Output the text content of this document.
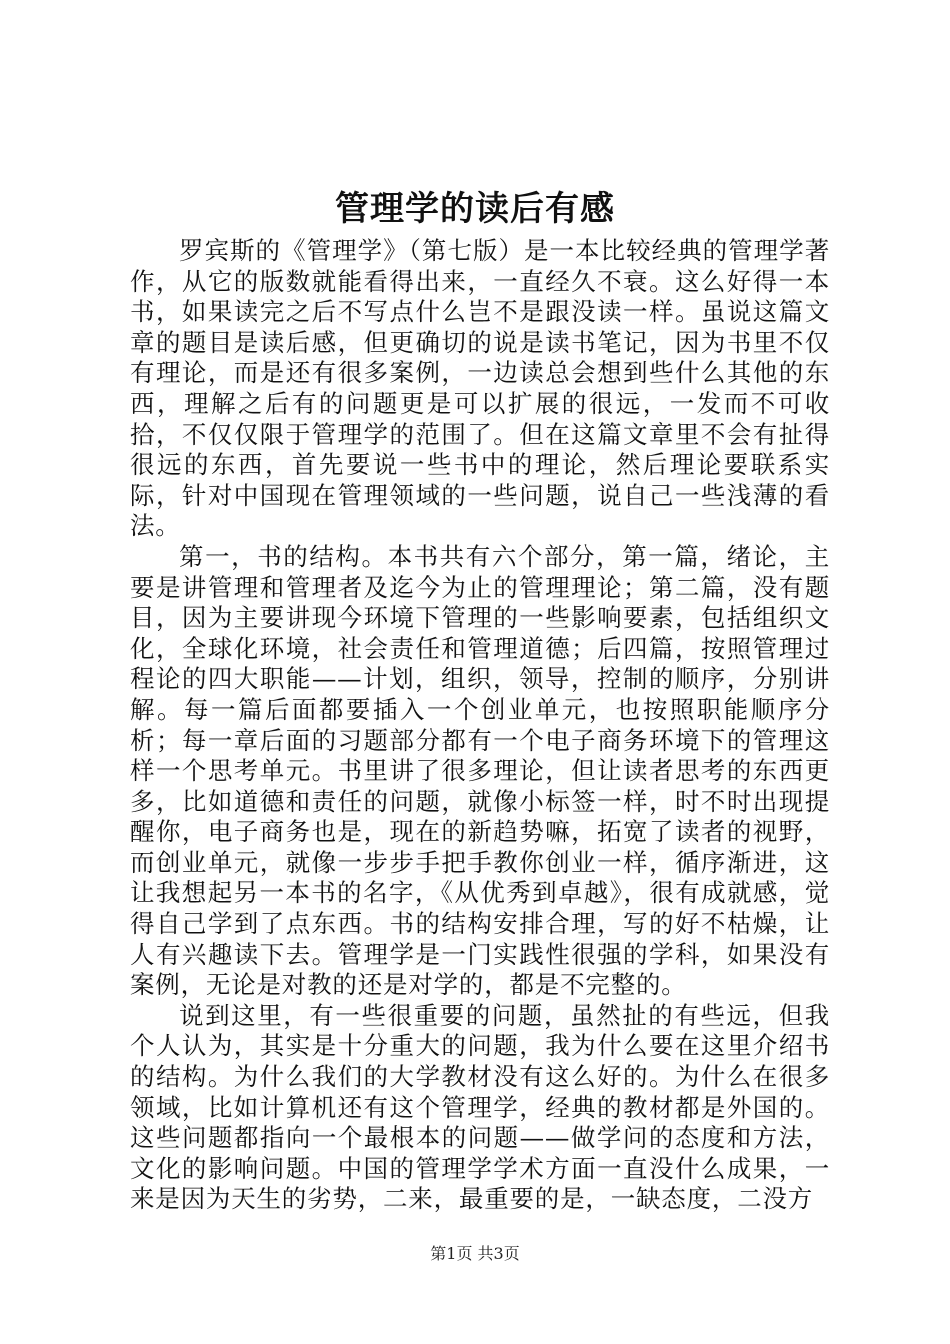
管理学的读后有感

罗宾斯的《管理学》（第七版）是一本比较经典的管理学著作，从它的版数就能看得出来，一直经久不衰。这么好得一本书，如果读完之后不写点什么岂不是跟没读一样。虽说这篇文章的题目是读后感，但更确切的说是读书笔记，因为书里不仅有理论，而是还有很多案例，一边读总会想到些什么其他的东西，理解之后有的问题更是可以扩展的很远，一发而不可收拾，不仅仅限于管理学的范围了。但在这篇文章里不会有扯得很远的东西，首先要说一些书中的理论，然后理论要联系实际，针对中国现在管理领域的一些问题，说自己一些浅薄的看法。

第一，书的结构。本书共有六个部分，第一篇，绪论，主要是讲管理和管理者及迄今为止的管理理论；第二篇，没有题目，因为主要讲现今环境下管理的一些影响要素，包括组织文化，全球化环境，社会责任和管理道德；后四篇，按照管理过程论的四大职能——计划，组织，领导，控制的顺序，分别讲解。每一篇后面都要插入一个创业单元，也按照职能顺序分析；每一章后面的习题部分都有一个电子商务环境下的管理这样一个思考单元。书里讲了很多理论，但让读者思考的东西更多，比如道德和责任的问题，就像小标签一样，时不时出现提醒你，电子商务也是，现在的新趋势嘛，拓宽了读者的视野，而创业单元，就像一步步手把手教你创业一样，循序渐进，这让我想起另一本书的名字，《从优秀到卓越》，很有成就感，觉得自己学到了点东西。书的结构安排合理，写的好不枯燥，让人有兴趣读下去。管理学是一门实践性很强的学科，如果没有案例，无论是对教的还是对学的，都是不完整的。

说到这里，有一些很重要的问题，虽然扯的有些远，但我个人认为，其实是十分重大的问题，我为什么要在这里介绍书的结构。为什么我们的大学教材没有这么好的。为什么在很多领域，比如计算机还有这个管理学，经典的教材都是外国的。这些问题都指向一个最根本的问题——做学问的态度和方法，文化的影响问题。中国的管理学学术方面一直没什么成果，一来是因为天生的劣势，二来，最重要的是，一缺态度，二没方

第1页 共3页
